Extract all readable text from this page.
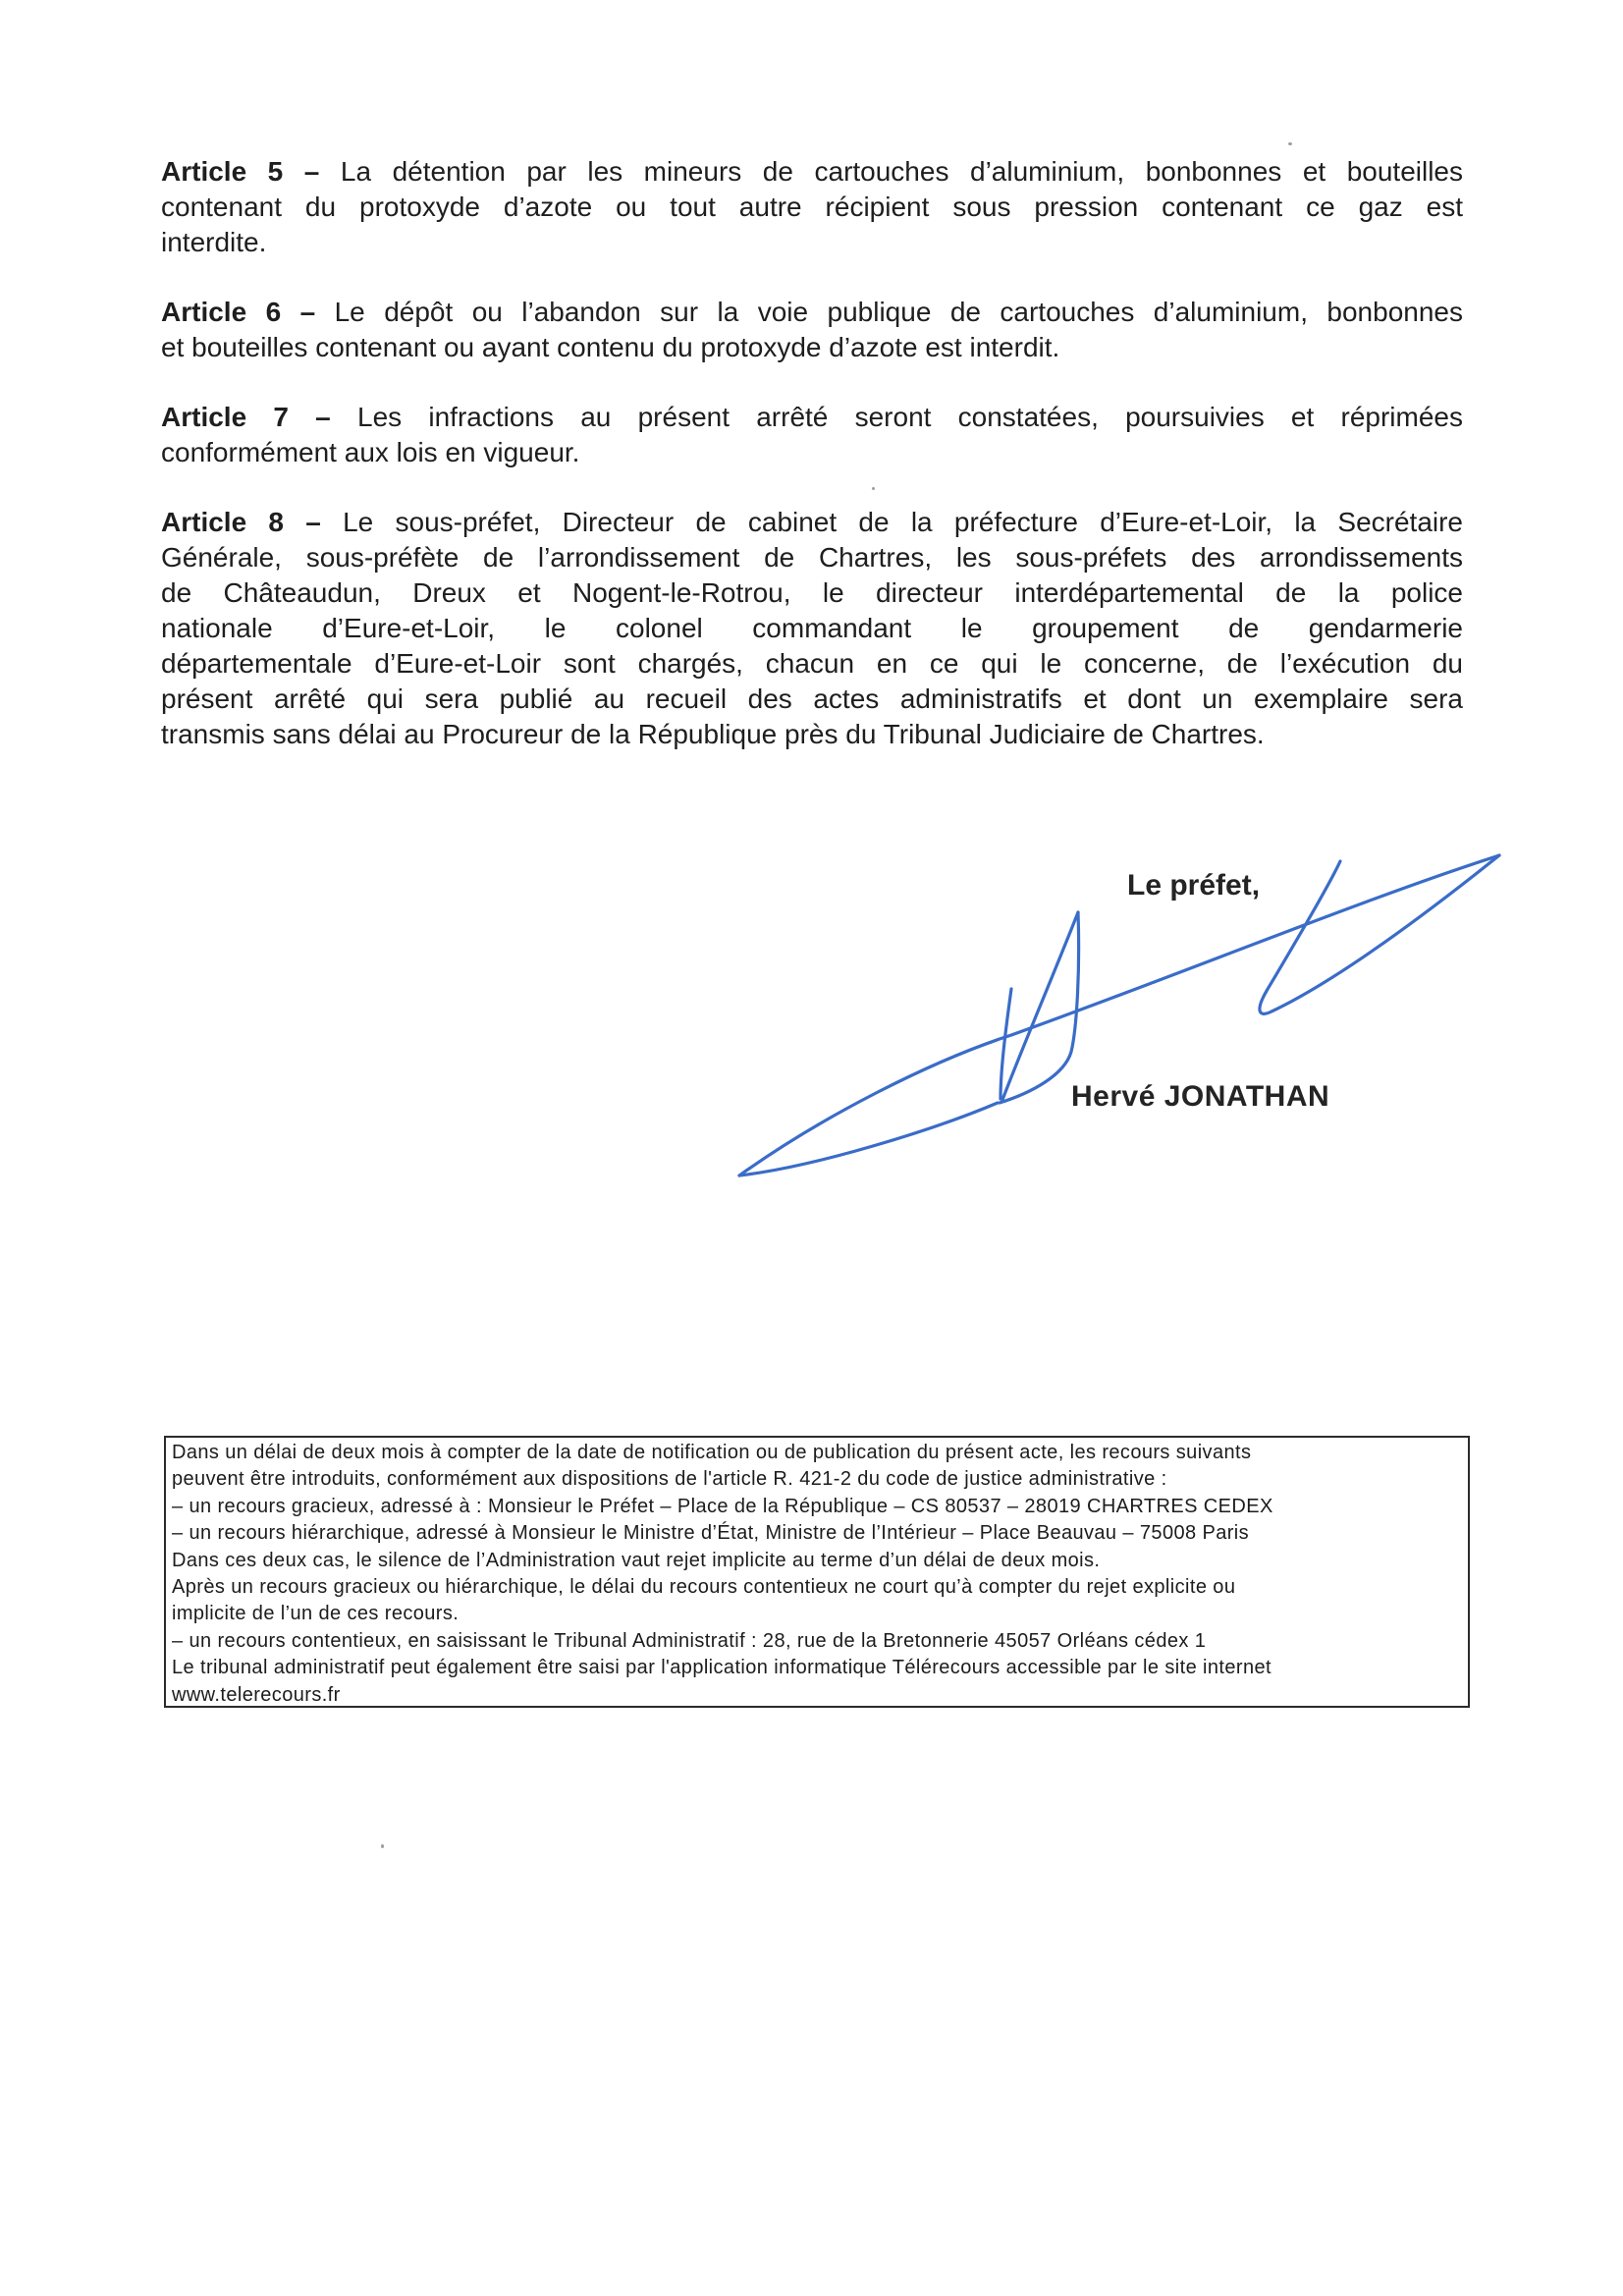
Article 5 – La détention par les mineurs de cartouches d’aluminium, bonbonnes et bouteilles
contenant du protoxyde d’azote ou tout autre récipient sous pression contenant ce gaz est
interdite.
Article 6 – Le dépôt ou l’abandon sur la voie publique de cartouches d’aluminium, bonbonnes
et bouteilles contenant ou ayant contenu du protoxyde d’azote est interdit.
Article 7 – Les infractions au présent arrêté seront constatées, poursuivies et réprimées
conformément aux lois en vigueur.
Article 8 – Le sous-préfet, Directeur de cabinet de la préfecture d’Eure-et-Loir, la Secrétaire
Générale, sous-préfète de l’arrondissement de Chartres, les sous-préfets des arrondissements
de Châteaudun, Dreux et Nogent-le-Rotrou, le directeur interdépartemental de la police
nationale d’Eure-et-Loir, le colonel commandant le groupement de gendarmerie
départementale d’Eure-et-Loir sont chargés, chacun en ce qui le concerne, de l’exécution du
présent arrêté qui sera publié au recueil des actes administratifs et dont un exemplaire sera
transmis sans délai au Procureur de la République près du Tribunal Judiciaire de Chartres.
Le préfet,
Hervé JONATHAN
Dans un délai de deux mois à compter de la date de notification ou de publication du présent acte, les recours suivants
peuvent être introduits, conformément aux dispositions de l'article R. 421-2 du code de justice administrative :
– un recours gracieux, adressé à : Monsieur le Préfet – Place de la République – CS 80537 – 28019 CHARTRES CEDEX
– un recours hiérarchique, adressé à Monsieur le Ministre d’État, Ministre de l’Intérieur – Place Beauvau – 75008 Paris
Dans ces deux cas, le silence de l’Administration vaut rejet implicite au terme d’un délai de deux mois.
Après un recours gracieux ou hiérarchique, le délai du recours contentieux ne court qu’à compter du rejet explicite ou
implicite de l’un de ces recours.
– un recours contentieux, en saisissant le Tribunal Administratif : 28, rue de la Bretonnerie 45057 Orléans cédex 1
Le tribunal administratif peut également être saisi par l'application informatique Télérecours accessible par le site internet
www.telerecours.fr
